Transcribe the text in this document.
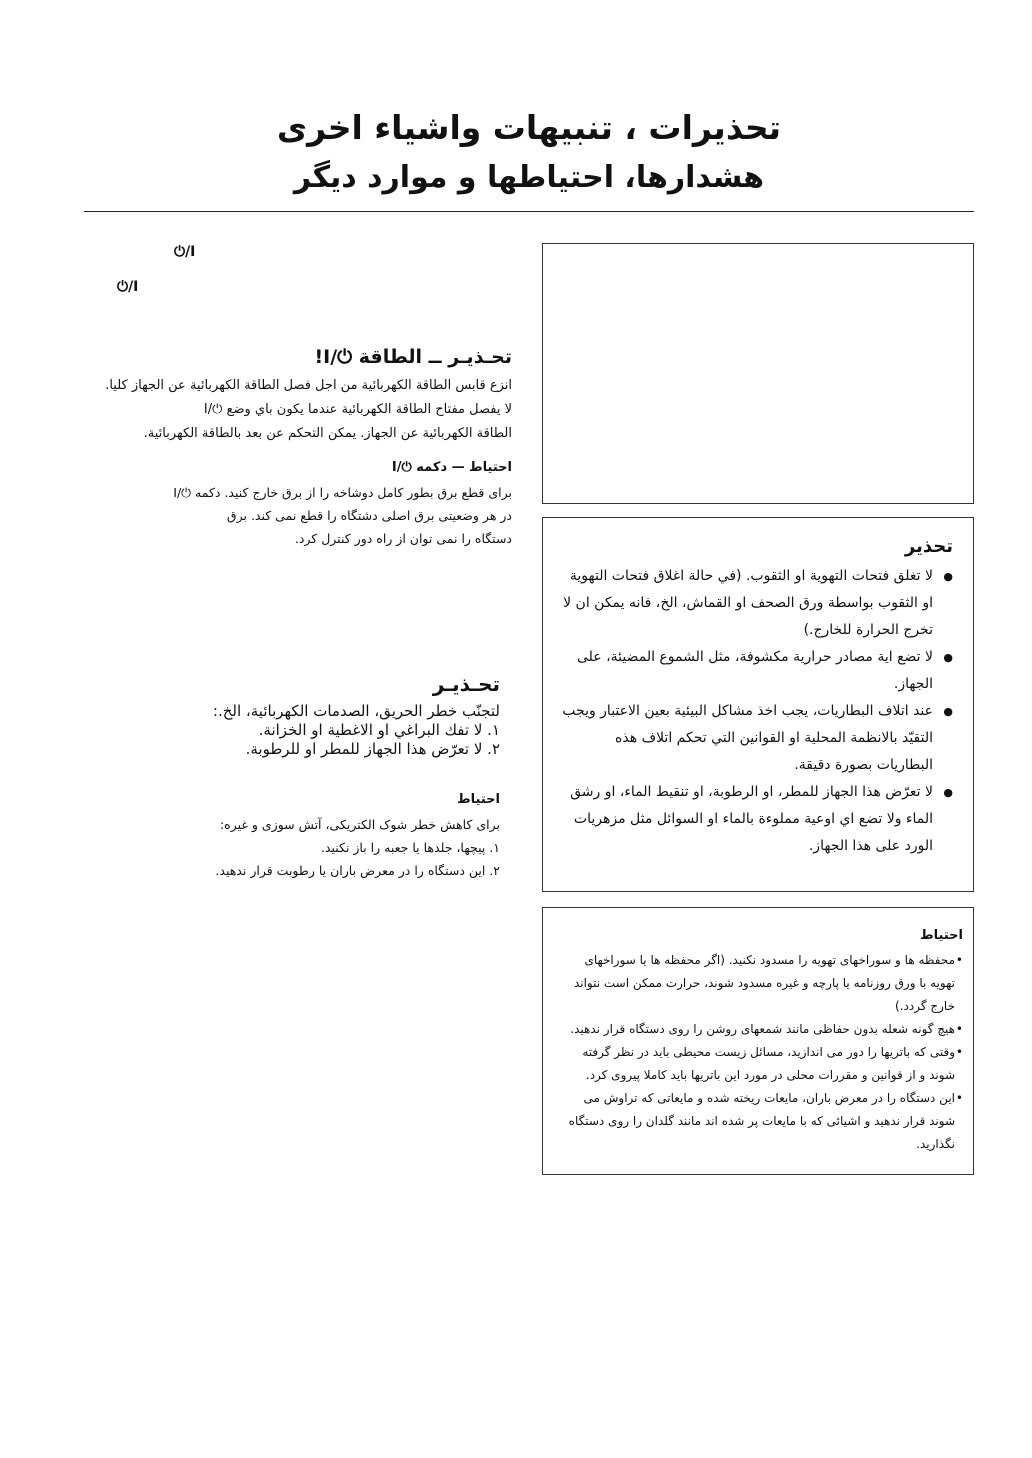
تحذيرات ، تنبيهات واشياء اخرى
هشدارها، احتیاطها و موارد دیگر
⏻/I
⏻/I
تحـذيـر ــ الطاقة ⏻/I!

انزع قابس الطاقة الكهربائية من اجل فصل الطاقة الكهربائية عن الجهاز كليا.

لا يفصل مفتاح الطاقة الكهربائية عندما يكون باي وضع ⏻/I

الطاقة الكهربائية عن الجهاز. يمكن التحكم عن بعد بالطاقة الكهربائية.

احتیاط — دکمه ⏻/I

برای قطع برق بطور کامل دوشاخه را از برق خارج کنید. دکمه ⏻/I

در هر وضعیتی برق اصلی دشتگاه را قطع نمی کند. برق

دستگاه را نمی توان از راه دور کنترل کرد.

تحـذيـر

لتجنّب خطر الحريق، الصدمات الكهربائية، الخ.:

١. لا تفك البراغي او الاغطية او الخزانة.

٢. لا تعرّض هذا الجهاز للمطر او للرطوبة.

احتیاط

برای کاهش خطر شوک الکتریکی، آتش سوزی و غیره:

١. پیچها، جلدها یا جعبه را باز نکنید.

٢. این دستگاه را در معرض باران یا رطوبت قرار ندهید.

تحذير
● لا تغلق فتحات التهوية او الثقوب. (في حالة اغلاق فتحات التهوية او الثقوب بواسطة ورق الصحف او القماش، الخ، فانه يمكن ان لا تخرج الحرارة للخارج.)
● لا تضع اية مصادر حرارية مكشوفة، مثل الشموع المضيئة، على الجهاز.
● عند اتلاف البطاريات، يجب اخذ مشاكل البيئية بعين الاعتبار ويجب التقيّد بالانظمة المحلية او القوانين التي تحكم اتلاف هذه البطاريات بصورة دقيقة.
● لا تعرّض هذا الجهاز للمطر، او الرطوبة، او تنقيط الماء، او رشق الماء ولا تضع اي اوعية مملوءة بالماء او السوائل مثل مزهريات الورد على هذا الجهاز.
احتیاط
• محفظه ها و سوراخهای تهویه را مسدود نکنید. (اگر محفظه ها یا سوراخهای تهویه با ورق روزنامه یا پارچه و غیره مسدود شوند، حرارت ممکن است نتواند خارج گردد.)
• هیچ گونه شعله بدون حفاظی مانند شمعهای روشن را روی دستگاه قرار ندهید.
• وقتی که باتریها را دور می اندازید، مسائل زیست محیطی باید در نظر گرفته شوند و از قوانین و مقررات محلی در مورد این باتریها باید کاملا پیروی کرد.
• این دستگاه را در معرض باران، مایعات ریخته شده و مایعاتی که تراوش می شوند قرار ندهید و اشیائی که با مایعات پر شده اند مانند گلدان را روی دستگاه نگذارید.
